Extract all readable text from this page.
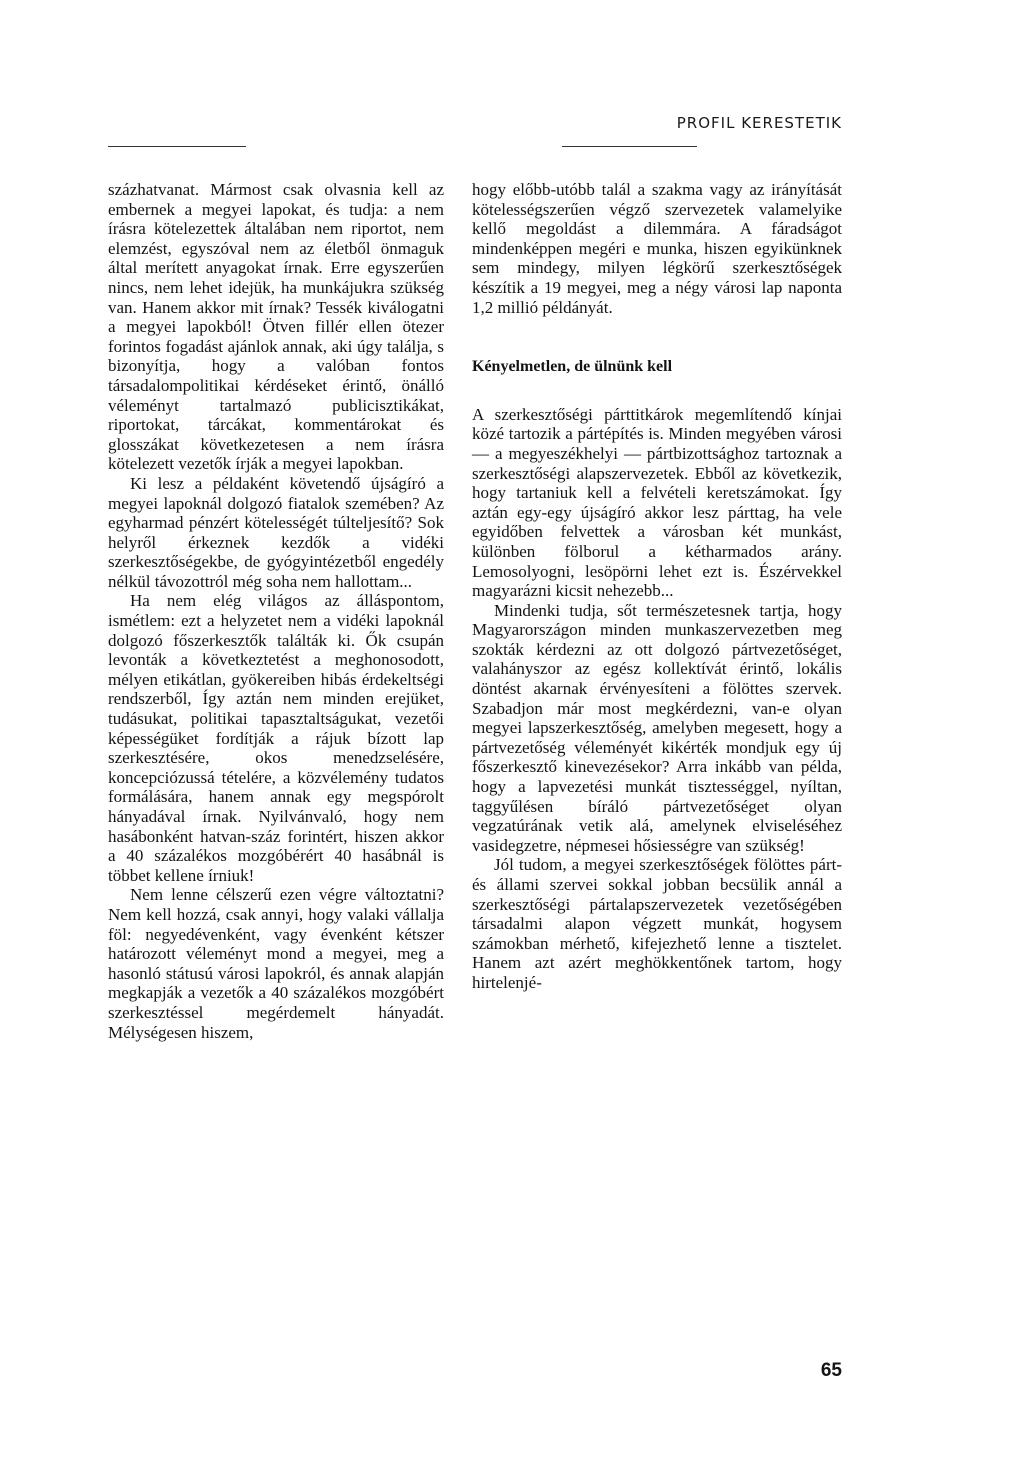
PROFIL KERESTETIK

százhatvanat. Mármost csak olvasnia kell az embernek a megyei lapokat, és tudja: a nem írásra kötelezettek általában nem riportot, nem elemzést, egyszóval nem az életből önmaguk által merített anyagokat írnak. Erre egyszerűen nincs, nem lehet idejük, ha munkájukra szükség van. Hanem akkor mit írnak? Tessék kiválogatni a megyei lapokból! Ötven fillér ellen ötezer forintos fogadást ajánlok annak, aki úgy találja, s bizonyítja, hogy a valóban fontos társadalompolitikai kérdéseket érintő, önálló véleményt tartalmazó publicisztikákat, riportokat, tárcákat, kommentárokat és glosszákat következetesen a nem írásra kötelezett vezetők írják a megyei lapokban.

Ki lesz a példaként követendő újságíró a megyei lapoknál dolgozó fiatalok szemében? Az egyharmad pénzért kötelességét túlteljesítő? Sok helyről érkeznek kezdők a vidéki szerkesztőségekbe, de gyógyintézetből engedély nélkül távozottról még soha nem hallottam...

Ha nem elég világos az álláspontom, ismétlem: ezt a helyzetet nem a vidéki lapoknál dolgozó főszerkesztők találták ki. Ők csupán levonták a következtetést a meghonosodott, mélyen etikátlan, gyökereiben hibás érdekeltségi rendszerből, Így aztán nem minden erejüket, tudásukat, politikai tapasztaltságukat, vezetői képességüket fordítják a rájuk bízott lap szerkesztésére, okos menedzselésére, koncepciózussá tételére, a közvélemény tudatos formálására, hanem annak egy megspórolt hányadával írnak. Nyilvánvaló, hogy nem hasábonként hatvan-száz forintért, hiszen akkor a 40 százalékos mozgóbérért 40 hasábnál is többet kellene írniuk!

Nem lenne célszerű ezen végre változtatni? Nem kell hozzá, csak annyi, hogy valaki vállalja föl: negyedévenként, vagy évenként kétszer határozott véleményt mond a megyei, meg a hasonló státusú városi lapokról, és annak alapján megkapják a vezetők a 40 százalékos mozgóbért szerkesztéssel megérdemelt hányadát. Mélységesen hiszem,

hogy előbb-utóbb talál a szakma vagy az irányítását kötelességszerűen végző szervezetek valamelyike kellő megoldást a dilemmára. A fáradságot mindenképpen megéri e munka, hiszen egyikünknek sem mindegy, milyen légkörű szerkesztőségek készítik a 19 megyei, meg a négy városi lap naponta 1,2 millió példányát.

Kényelmetlen, de ülnünk kell

A szerkesztőségi párttitkárok megemlítendő kínjai közé tartozik a pártépítés is. Minden megyében városi — a megyeszékhelyi — pártbizottsághoz tartoznak a szerkesztőségi alapszervezetek. Ebből az következik, hogy tartaniuk kell a felvételi keretszámokat. Így aztán egy-egy újságíró akkor lesz párttag, ha vele egyidőben felvettek a városban két munkást, különben fölborul a kétharmados arány. Lemosolyogni, lesöpörni lehet ezt is. Észérvekkel magyarázni kicsit nehezebb...

Mindenki tudja, sőt természetesnek tartja, hogy Magyarországon minden munkaszervezetben meg szokták kérdezni az ott dolgozó pártvezetőséget, valahányszor az egész kollektívát érintő, lokális döntést akarnak érvényesíteni a fölöttes szervek. Szabadjon már most megkérdezni, van-e olyan megyei lapszerkesztőség, amelyben megesett, hogy a pártvezetőség véleményét kikérték mondjuk egy új főszerkesztő kinevezésekor? Arra inkább van példa, hogy a lapvezetési munkát tisztességgel, nyíltan, taggyűlésen bíráló pártvezetőséget olyan vegzatúrának vetik alá, amelynek elviseléséhez vasidegzetre, népmesei hősiességre van szükség!

Jól tudom, a megyei szerkesztőségek fölöttes párt- és állami szervei sokkal jobban becsülik annál a szerkesztőségi pártalapszervezetek vezetőségében társadalmi alapon végzett munkát, hogysem számokban mérhető, kifejezhető lenne a tisztelet. Hanem azt azért meghökkentőnek tartom, hogy hirtelenjé-

65
